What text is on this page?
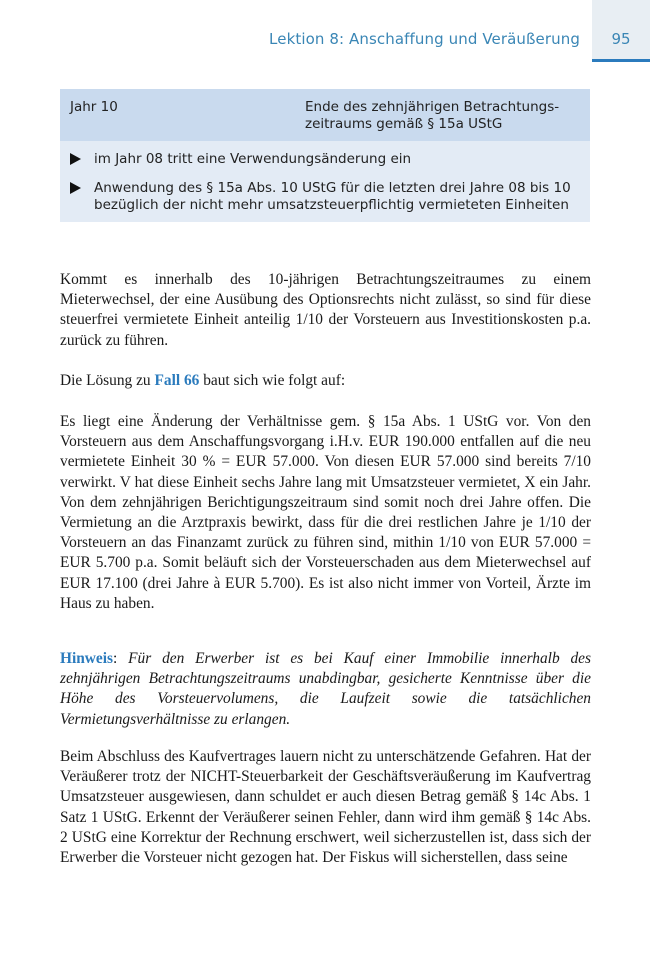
Lektion 8: Anschaffung und Veräußerung	95
Jahr 10	Ende des zehnjährigen Betrachtungs-zeitraums gemäß § 15a UStG
im Jahr 08 tritt eine Verwendungsänderung ein
Anwendung des § 15a Abs. 10 UStG für die letzten drei Jahre 08 bis 10 bezüglich der nicht mehr umsatzsteuerpflichtig vermieteten Einheiten

Kommt es innerhalb des 10-jährigen Betrachtungszeitraumes zu einem Mieterwechsel, der eine Ausübung des Optionsrechts nicht zulässt, so sind für diese steuerfrei vermietete Einheit anteilig 1/10 der Vorsteuern aus Investitionskosten p.a. zurück zu führen.

Die Lösung zu Fall 66 baut sich wie folgt auf:

Es liegt eine Änderung der Verhältnisse gem. § 15a Abs. 1 UStG vor. Von den Vorsteuern aus dem Anschaffungsvorgang i.H.v. EUR 190.000 entfallen auf die neu vermietete Einheit 30 % = EUR 57.000. Von diesen EUR 57.000 sind bereits 7/10 verwirkt. V hat diese Einheit sechs Jahre lang mit Umsatzsteuer vermietet, X ein Jahr. Von dem zehnjährigen Berichtigungszeitraum sind somit noch drei Jahre offen. Die Vermietung an die Arztpraxis bewirkt, dass für die drei restlichen Jahre je 1/10 der Vorsteuern an das Finanzamt zurück zu führen sind, mithin 1/10 von EUR 57.000 = EUR 5.700 p.a. Somit beläuft sich der Vorsteuerschaden aus dem Mieterwechsel auf EUR 17.100 (drei Jahre à EUR 5.700). Es ist also nicht immer von Vorteil, Ärzte im Haus zu haben.

Hinweis: Für den Erwerber ist es bei Kauf einer Immobilie innerhalb des zehnjährigen Betrachtungszeitraums unabdingbar, gesicherte Kenntnisse über die Höhe des Vorsteuervolumens, die Laufzeit sowie die tatsächlichen Vermietungsverhältnisse zu erlangen.

Beim Abschluss des Kaufvertrages lauern nicht zu unterschätzende Gefahren. Hat der Veräußerer trotz der NICHT-Steuerbarkeit der Geschäftsveräußerung im Kaufvertrag Umsatzsteuer ausgewiesen, dann schuldet er auch diesen Betrag gemäß § 14c Abs. 1 Satz 1 UStG. Erkennt der Veräußerer seinen Fehler, dann wird ihm gemäß § 14c Abs. 2 UStG eine Korrektur der Rechnung erschwert, weil sicherzustellen ist, dass sich der Erwerber die Vorsteuer nicht gezogen hat. Der Fiskus will sicherstellen, dass seine
